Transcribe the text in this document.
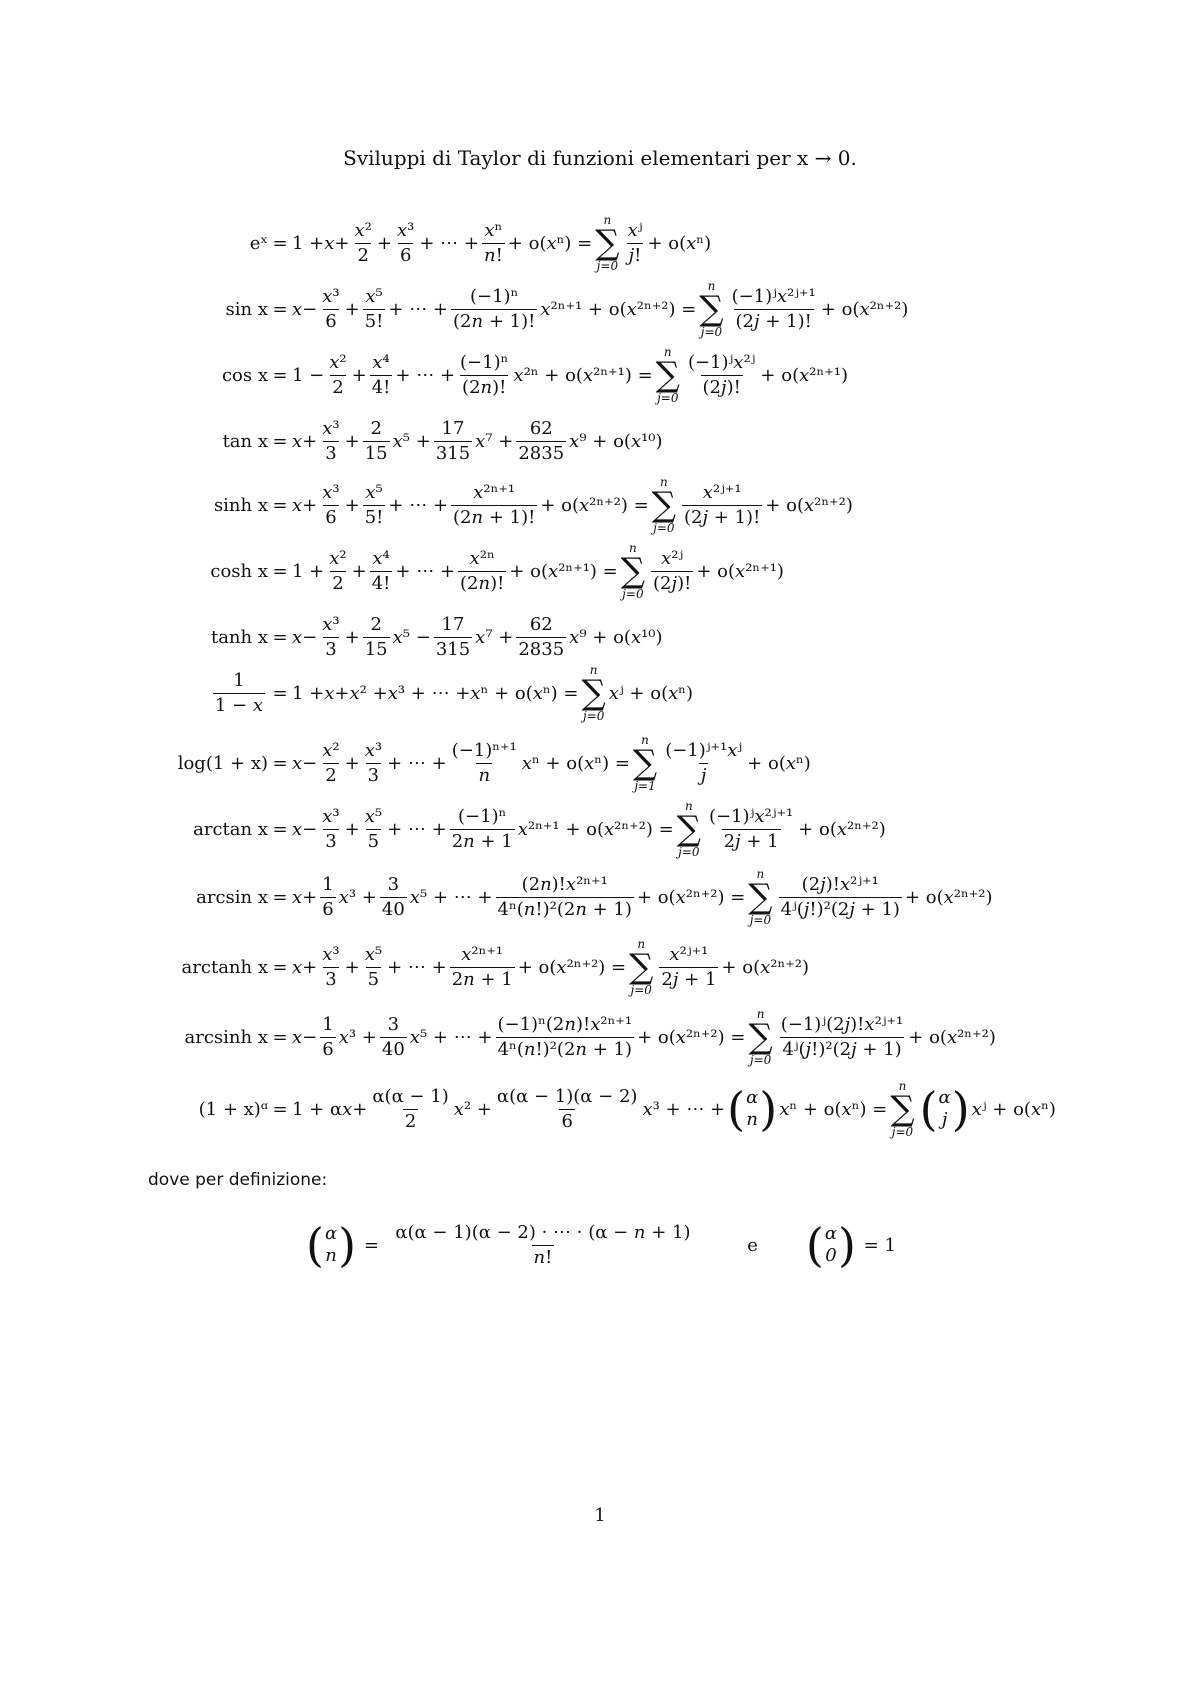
Sviluppi di Taylor di funzioni elementari per x → 0.
eˣ = $1 + x + \frac{\text{x²}}{2} + \frac{\text{x³}}{6}$ + ⋯ + $\frac{\text{xⁿ}}{n!} + o$( x ⁿ) =
n
∑
$j=0 \frac{\text{xʲ}}{j!} + o$( x ⁿ)
$\sin x = x - \frac{\text{x³}}{6} + \frac{\text{x⁵}}{5!}$ + ⋯ + $\frac{\text{(−1)ⁿ}}{(2n + 1)!}$ x ²ⁿ⁺¹ + o( x ²ⁿ⁺²) =
n
∑
$j=0 \frac{\text{(−1)ʲx²ʲ⁺¹}}{(2j + 1)!} + o$( x ²ⁿ⁺²)
$\cos x = 1 - \frac{\text{x²}}{2} + \frac{\text{x⁴}}{4!}$ + ⋯ + $\frac{\text{(−1)ⁿ}}{(2n)!}$ x ²ⁿ + o( x ²ⁿ⁺¹) =
n
∑
$j=0 \frac{\text{(−1)ʲx²ʲ}}{(2j)!} + o$( x ²ⁿ⁺¹)
$\tan x = x + \frac{\text{x³}}{3} + \frac{2}{15}$ x $^5 + \frac{17}{315}$ x $^7 + \frac{62}{2835}$ x ⁹ + o( x ¹⁰)
$\sinh x = x + \frac{\text{x³}}{6} + \frac{\text{x⁵}}{5!}$ + ⋯ + $\frac{\text{x²ⁿ⁺¹}}{(2n + 1)!} + o$( x ²ⁿ⁺²) =
n
∑
$j=0 \frac{\text{x²ʲ⁺¹}}{(2j + 1)!} + o$( x ²ⁿ⁺²)
$\cosh x = 1 + \frac{\text{x²}}{2} + \frac{\text{x⁴}}{4!}$ + ⋯ + $\frac{\text{x²ⁿ}}{(2n)!} + o$( x ²ⁿ⁺¹) =
n
∑
$j=0 \frac{\text{x²ʲ}}{(2j)!} + o$( x ²ⁿ⁺¹)
$\tanh x = x - \frac{\text{x³}}{3} + \frac{2}{15}$ x $^5 - \frac{17}{315}$ x $^7 + \frac{62}{2835}$ x ⁹ + o( x ¹⁰)
$\frac{1}{1 - x} = 1 + x + x$ ² + x ³ + ⋯ + x ⁿ + o( x ⁿ) =
n
∑
j=0
x ʲ + o( x ⁿ)
$\log(1 + x) = x - \frac{\text{x²}}{2} + \frac{\text{x³}}{3}$ + ⋯ + $\frac{\text{(−1)ⁿ⁺¹}}{n}$ x ⁿ + o( x ⁿ) =
n
∑
$j=1 \frac{\text{(−1)ʲ⁺¹xʲ}}{j} + o$( x ⁿ)
$\arctan x = x - \frac{\text{x³}}{3} + \frac{\text{x⁵}}{5}$ + ⋯ + $\frac{\text{(−1)ⁿ}}{2n + 1}$ x ²ⁿ⁺¹ + o( x ²ⁿ⁺²) =
n
∑
$j=0 \frac{\text{(−1)ʲx²ʲ⁺¹}}{2j + 1} + o$( x ²ⁿ⁺²)
$\arcsin x = x + \frac{1}{6}$ x $^3 + \frac{3}{40}$ x ⁵ + ⋯ + $\frac{\text{(2n)!x²ⁿ⁺¹}}{\text{4ⁿ(n!)²(2n + 1)}} + o$( x ²ⁿ⁺²) =
n
∑
$j=0 \frac{\text{(2j)!x²ʲ⁺¹}}{\text{4ʲ(j!)²(2j + 1)}} + o$( x ²ⁿ⁺²)
arctanh $x = x + \frac{\text{x³}}{3} + \frac{\text{x⁵}}{5}$ + ⋯ + $\frac{\text{x²ⁿ⁺¹}}{2n + 1} + o$( x ²ⁿ⁺²) =
n
∑
$j=0 \frac{\text{x²ʲ⁺¹}}{2j + 1} + o$( x ²ⁿ⁺²)
arcsinh $x = x - \frac{1}{6}$ x $^3 + \frac{3}{40}$ x ⁵ + ⋯ + $\frac{\text{(−1)ⁿ(2n)!x²ⁿ⁺¹}}{\text{4ⁿ(n!)²(2n + 1)}} + o$( x ²ⁿ⁺²) =
n
∑
$j=0 \frac{\text{(−1)ʲ(2j)!x²ʲ⁺¹}}{\text{4ʲ(j!)²(2j + 1)}} + o$( x ²ⁿ⁺²)
(1 + x)ᵅ = 1 + α $x + \frac{\alpha(\alpha - 1)}{2}$ x $^2 + \frac{\alpha(\alpha - 1)(\alpha - 2)}{6}$ x ³ + ⋯ + ( α
n ) x ⁿ + o( x ⁿ) =
n
∑
j=0 ( α
j ) x ʲ + o( x ⁿ)
dove per definizione:
( α
n ) = $\frac{\alpha(\alpha - 1)(\alpha - 2) \cdot \cdots \cdot (\alpha - n + 1)}{n!}$	e ( α
0 ) = 1
1
